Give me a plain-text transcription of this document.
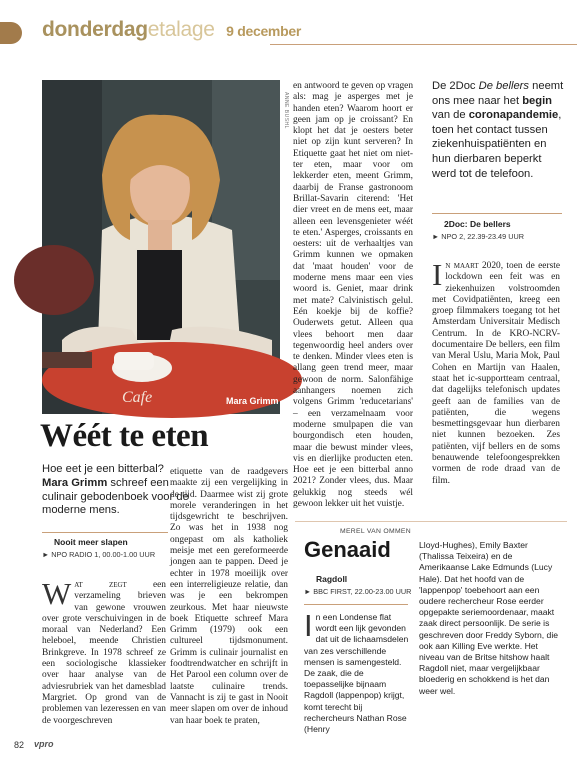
donderdagetalage 9 december
Cafe	Mara Grimm
ANNE BUSHL
Wéét te eten
Hoe eet je een bitterbal? Mara Grimm schreef een culinair gebodenboek voor de moderne mens.
Nooit meer slapen
► NPO RADIO 1, 00.00-1.00 UUR
Wat zegt een verzameling brieven van gewone vrouwen over grote verschuivingen in de moraal van Nederland? Een heleboel, meende Christien Brinkgreve. In 1978 schreef ze een sociologische klassieker over haar analyse van de adviesrubriek van het damesblad Margriet. Op grond van de problemen van lezeressen en van de voorgeschreven
etiquette van de raadgevers maakte zij een vergelijking in de tijd. Daarmee wist zij grote morele veranderingen in het tijdsgewricht te beschrijven. Zo was het in 1938 nog ongepast om als katholiek meisje met een gereformeerde jongen aan te pappen. Deed je echter in 1978 moeilijk over een interreligieuze relatie, dan was je een bekrompen zeurkous. Met haar nieuwste boek Etiquette schreef Mara Grimm (1979) ook een cultureel tijdsmonument. Grimm is culinair journalist en foodtrendwatcher en schrijft in Het Parool een column over de laatste culinaire trends. Vannacht is zij te gast in Nooit meer slapen om over de inhoud van haar boek te praten,
en antwoord te geven op vragen als: mag je asperges met je handen eten? Waarom hoort er geen jam op je croissant? En klopt het dat je oesters beter niet op zijn kunt serveren? In Etiquette gaat het niet om niet-ter eten, maar voor om lekkerder eten, meent Grimm, daarbij de Franse gastronoom Brillat-Savarin citerend: 'Het dier vreet en de mens eet, maar alleen een levensgenieter wéét te eten.' Asperges, croissants en oesters: uit de verhaaltjes van Grimm kunnen we opmaken dat 'maat houden' voor de moderne mens maar een vies woord is. Geniet, maar drink met mate? Calvinistisch gelul. Eén koekje bij de koffie? Ouderwets getut. Alleen qua vlees behoort men daar tegenwoordig heel anders over te denken. Minder vlees eten is allang geen trend meer, maar gewoon de norm. Salonfähige aanhangers noemen zich volgens Grimm 'reducetarians' – een verzamelnaam voor moderne smulpapen die van bourgondisch eten houden, maar die bewust minder vlees, vis en dierlijke producten eten. Hoe eet je een bitterbal anno 2021? Zonder vlees, dus. Maar gelukkig nog steeds wél gewoon lekker uit het vuistje.
MEREL VAN OMMEN
De 2Doc De bellers neemt ons mee naar het begin van de coronapandemie, toen het contact tussen ziekenhuispatiënten en hun dierbaren beperkt werd tot de telefoon.
2Doc: De bellers
► NPO 2, 22.39-23.49 UUR
In maart 2020, toen de eerste lockdown een feit was en ziekenhuizen volstroomden met Covidpatiënten, kreeg een groep filmmakers toegang tot het Amsterdam Universitair Medisch Centrum. In de KRO-NCRV-documentaire De bellers, een film van Meral Uslu, Maria Mok, Paul Cohen en Martijn van Haalen, staat het ic-supportteam centraal, dat dagelijks telefonisch updates geeft aan de families van de patiënten, die wegens besmettingsgevaar hun dierbaren niet kunnen bezoeken. Zes patiënten, vijf bellers en de soms benauwende telefoongesprekken vormen de rode draad van de film.
Genaaid
Ragdoll
► BBC FIRST, 22.00-23.00 UUR
In een Londense flat wordt een lijk gevonden dat uit de lichaamsdelen van zes verschillende mensen is samengesteld. De zaak, die de toepasselijke bijnaam Ragdoll (lappenpop) krijgt, komt terecht bij rechercheurs Nathan Rose (Henry
Lloyd-Hughes), Emily Baxter (Thalissa Teixeira) en de Amerikaanse Lake Edmunds (Lucy Hale). Dat het hoofd van de 'lappenpop' toebehoort aan een oudere rechercheur Rose eerder opgepakte seriemoordenaar, maakt zaak direct persoonlijk. De serie is geschreven door Freddy Syborn, die ook aan Killing Eve werkte. Het niveau van de Britse hitshow haalt Ragdoll niet, maar vergelijkbaar bloederig en schokkend is het dan weer wel.
82 vpro
